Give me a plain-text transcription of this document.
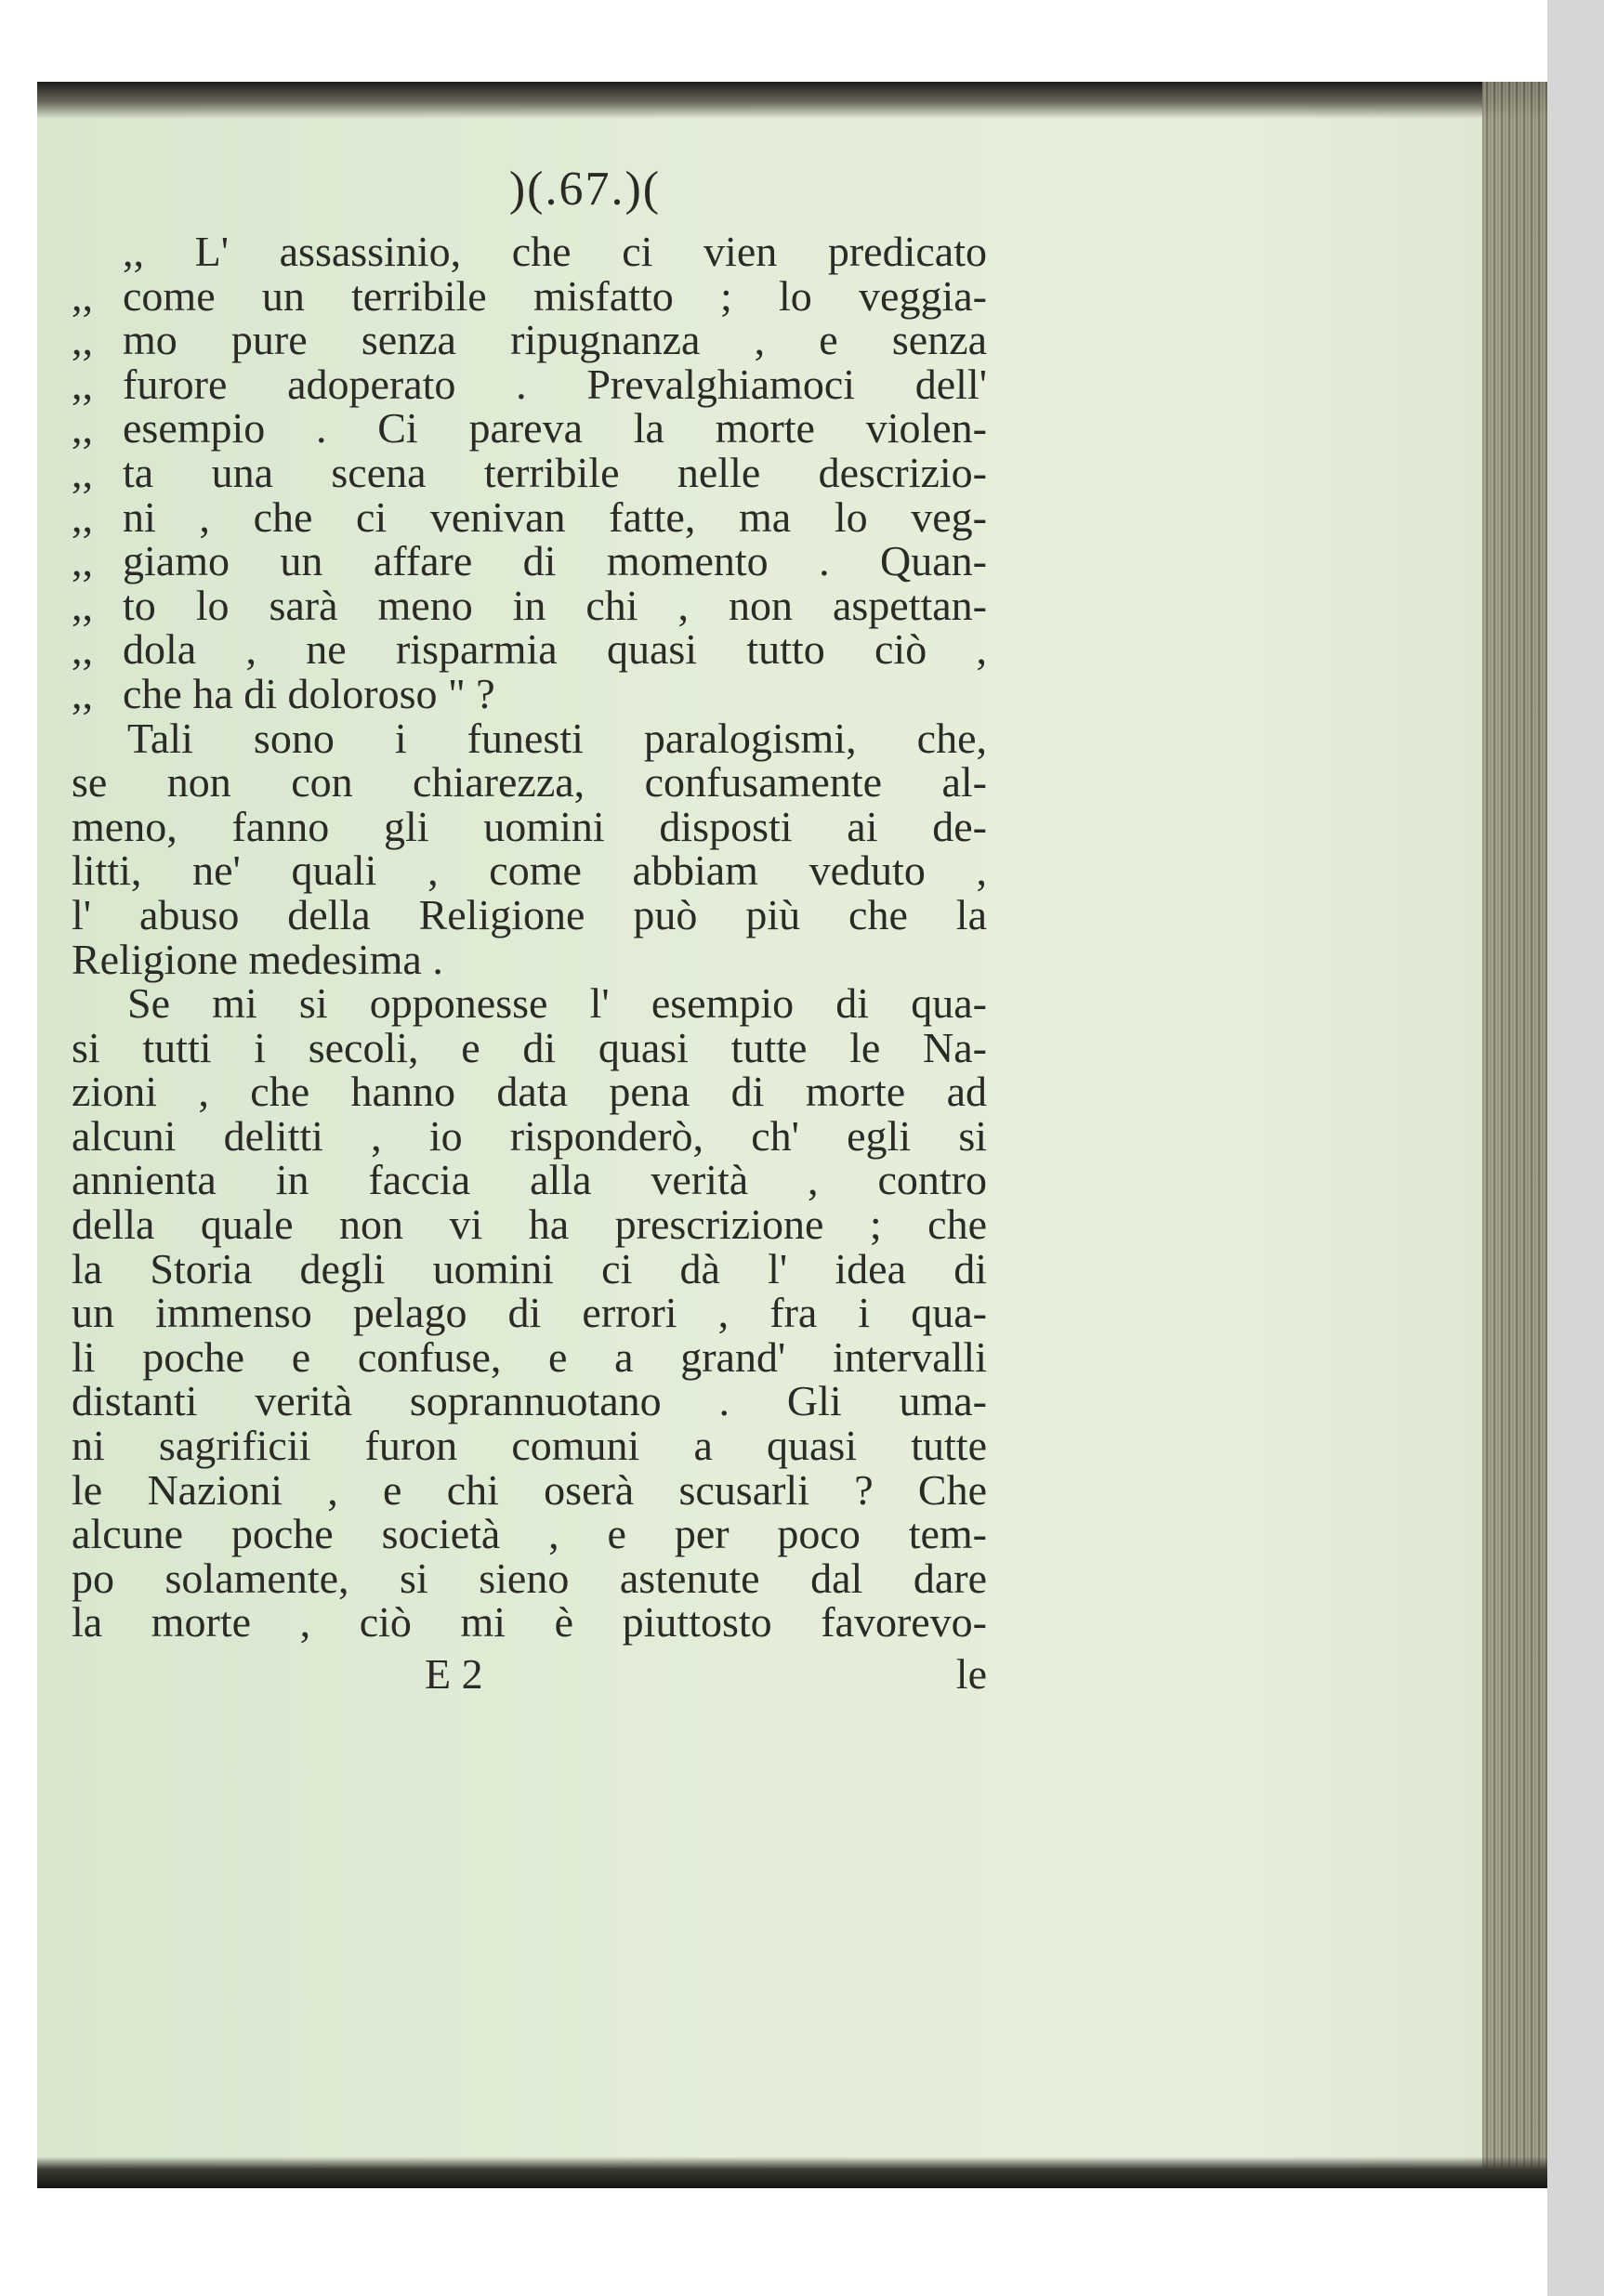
)(.67.)(
,, L' assassinio, che ci vien predicato
,, come un terribile misfatto ; lo veggia-
,, mo pure senza ripugnanza , e senza
,, furore adoperato . Prevalghiamoci dell'
,, esempio . Ci pareva la morte violen-
,, ta una scena terribile nelle descrizio-
,, ni , che ci venivan fatte, ma lo veg-
,, giamo un affare di momento . Quan-
,, to lo sarà meno in chi , non aspettan-
,, dola , ne risparmia quasi tutto ciò ,
,, che ha di doloroso " ?
Tali sono i funesti paralogismi, che,
se non con chiarezza, confusamente al-
meno, fanno gli uomini disposti ai de-
litti, ne' quali , come abbiam veduto ,
l' abuso della Religione può più che la
Religione medesima .
Se mi si opponesse l' esempio di qua-
si tutti i secoli, e di quasi tutte le Na-
zioni , che hanno data pena di morte ad
alcuni delitti , io risponderò, ch' egli si
annienta in faccia alla verità , contro
della quale non vi ha prescrizione ; che
la Storia degli uomini ci dà l' idea di
un immenso pelago di errori , fra i qua-
li poche e confuse, e a grand' intervalli
distanti verità soprannuotano . Gli uma-
ni sagrificii furon comuni a quasi tutte
le Nazioni , e chi oserà scusarli ? Che
alcune poche società , e per poco tem-
po solamente, si sieno astenute dal dare
la morte , ciò mi è piuttosto favorevo-
E 2	le
